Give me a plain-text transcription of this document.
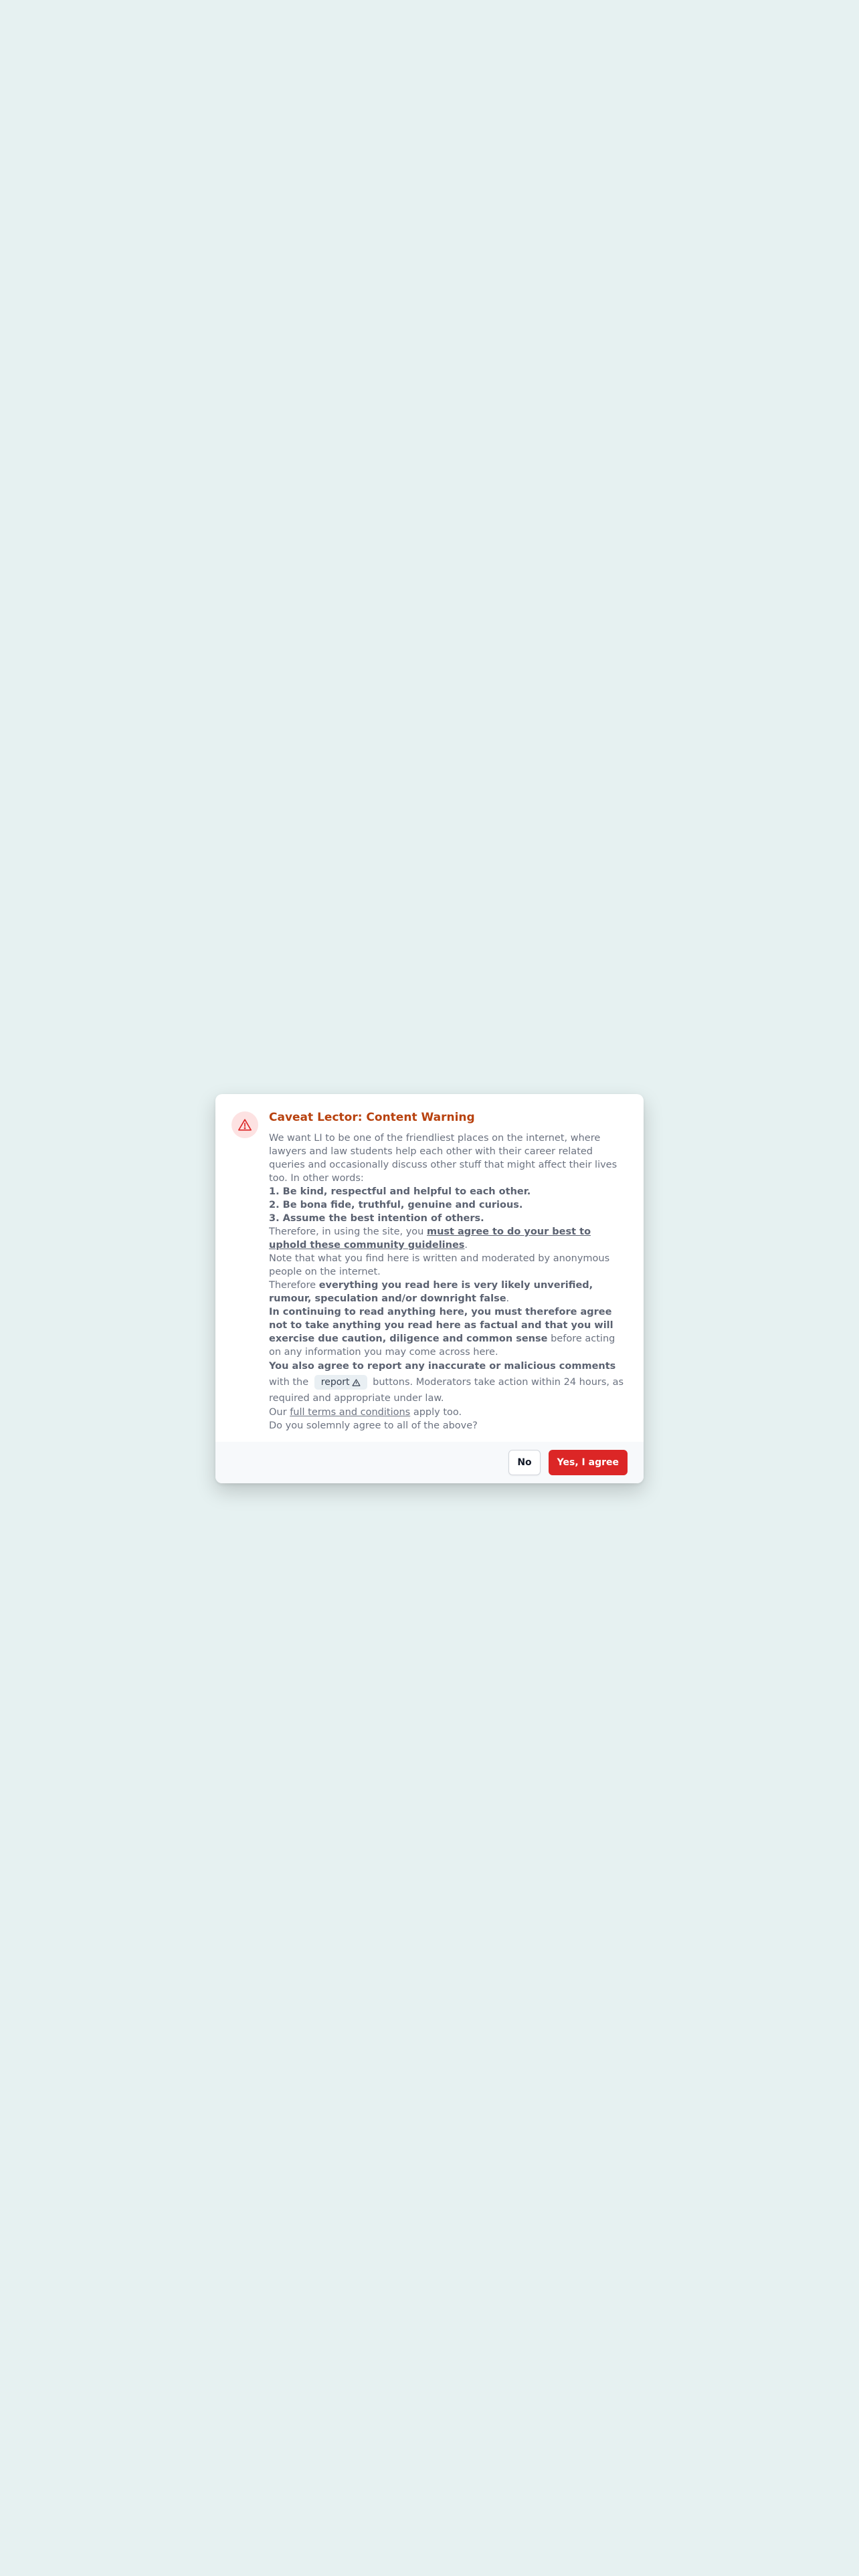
Caveat Lector: Content Warning

We want LI to be one of the friendliest places on the internet, where lawyers and law students help each other with their career related queries and occasionally discuss other stuff that might affect their lives too. In other words:

1. Be kind, respectful and helpful to each other.

2. Be bona fide, truthful, genuine and curious.

3. Assume the best intention of others.

Therefore, in using the site, you must agree to do your best to uphold these community guidelines.

Note that what you find here is written and moderated by anonymous people on the internet.

Therefore everything you read here is very likely unverified, rumour, speculation and/or downright false.

In continuing to read anything here, you must therefore agree not to take anything you read here as factual and that you will exercise due caution, diligence and common sense before acting on any information you may come across here.

You also agree to report any inaccurate or malicious comments with the report buttons. Moderators take action within 24 hours, as required and appropriate under law.

Our full terms and conditions apply too.

Do you solemnly agree to all of the above?

No	Yes, I agree
